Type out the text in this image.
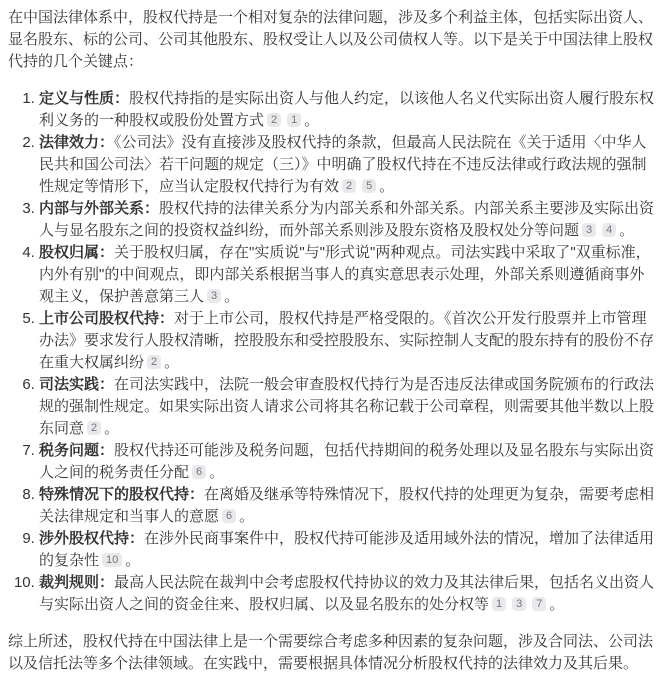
在中国法律体系中，股权代持是一个相对复杂的法律问题，涉及多个利益主体，包括实际出资人、显名股东、标的公司、公司其他股东、股权受让人以及公司债权人等。以下是关于中国法律上股权代持的几个关键点：

1. 定义与性质：股权代持指的是实际出资人与他人约定，以该他人名义代实际出资人履行股东权利义务的一种股权或股份处置方式 2 1 。
2. 法律效力：《公司法》没有直接涉及股权代持的条款，但最高人民法院在《关于适用〈中华人民共和国公司法〉若干问题的规定（三）》中明确了股权代持在不违反法律或行政法规的强制性规定等情形下，应当认定股权代持行为有效 2 5 。
3. 内部与外部关系：股权代持的法律关系分为内部关系和外部关系。内部关系主要涉及实际出资人与显名股东之间的投资权益纠纷，而外部关系则涉及股东资格及股权处分等问题 3 4 。
4. 股权归属：关于股权归属，存在"实质说"与"形式说"两种观点。司法实践中采取了"双重标准，内外有别"的中间观点，即内部关系根据当事人的真实意思表示处理，外部关系则遵循商事外观主义，保护善意第三人 3 。
5. 上市公司股权代持：对于上市公司，股权代持是严格受限的。《首次公开发行股票并上市管理办法》要求发行人股权清晰，控股股东和受控股股东、实际控制人支配的股东持有的股份不存在重大权属纠纷 2 。
6. 司法实践：在司法实践中，法院一般会审查股权代持行为是否违反法律或国务院颁布的行政法规的强制性规定。如果实际出资人请求公司将其名称记载于公司章程，则需要其他半数以上股东同意 2 。
7. 税务问题：股权代持还可能涉及税务问题，包括代持期间的税务处理以及显名股东与实际出资人之间的税务责任分配 6 。
8. 特殊情况下的股权代持：在离婚及继承等特殊情况下，股权代持的处理更为复杂，需要考虑相关法律规定和当事人的意愿 6 。
9. 涉外股权代持：在涉外民商事案件中，股权代持可能涉及适用域外法的情况，增加了法律适用的复杂性 10 。
10. 裁判规则：最高人民法院在裁判中会考虑股权代持协议的效力及其法律后果，包括名义出资人与实际出资人之间的资金往来、股权归属、以及显名股东的处分权等 1 3 7 。

综上所述，股权代持在中国法律上是一个需要综合考虑多种因素的复杂问题，涉及合同法、公司法以及信托法等多个法律领域。在实践中，需要根据具体情况分析股权代持的法律效力及其后果。
